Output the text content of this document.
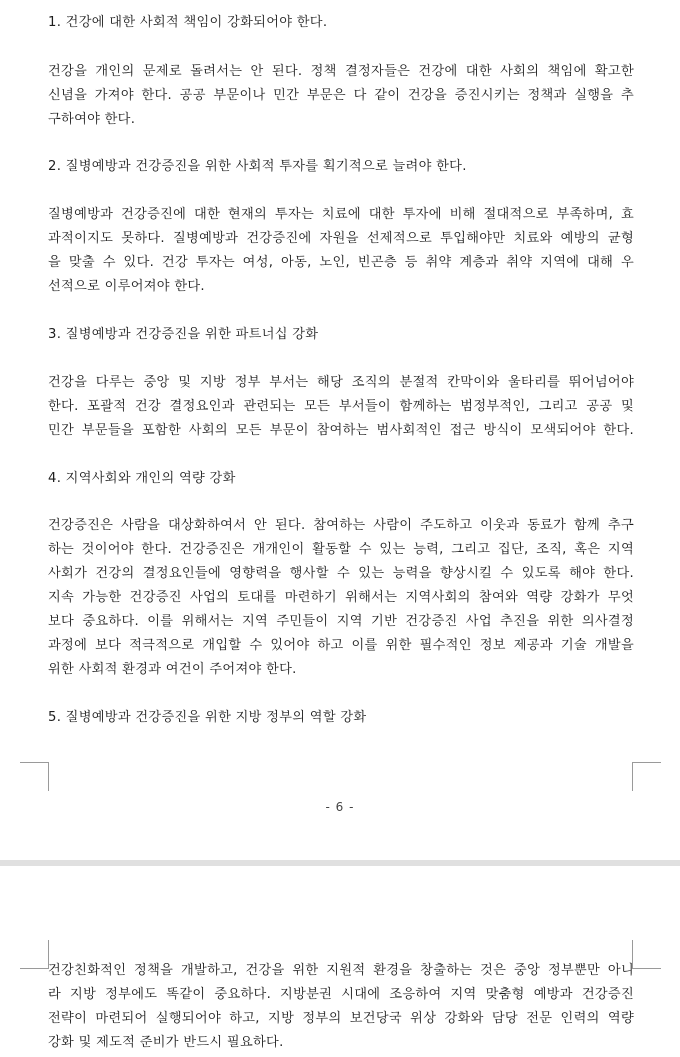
1. 건강에 대한 사회적 책임이 강화되어야 한다.
건강을 개인의 문제로 돌려서는 안 된다. 정책 결정자들은 건강에 대한 사회의 책임에 확고한
신념을 가져야 한다. 공공 부문이나 민간 부문은 다 같이 건강을 증진시키는 정책과 실행을 추
구하여야 한다.
2. 질병예방과 건강증진을 위한 사회적 투자를 획기적으로 늘려야 한다.
질병예방과 건강증진에 대한 현재의 투자는 치료에 대한 투자에 비해 절대적으로 부족하며, 효
과적이지도 못하다. 질병예방과 건강증진에 자원을 선제적으로 투입해야만 치료와 예방의 균형
을 맞출 수 있다. 건강 투자는 여성, 아동, 노인, 빈곤층 등 취약 계층과 취약 지역에 대해 우
선적으로 이루어져야 한다.
3. 질병예방과 건강증진을 위한 파트너십 강화
건강을 다루는 중앙 및 지방 정부 부서는 해당 조직의 분절적 칸막이와 울타리를 뛰어넘어야
한다. 포괄적 건강 결정요인과 관련되는 모든 부서들이 함께하는 범정부적인, 그리고 공공 및
민간 부문들을 포함한 사회의 모든 부문이 참여하는 범사회적인 접근 방식이 모색되어야 한다.
4. 지역사회와 개인의 역량 강화
건강증진은 사람을 대상화하여서 안 된다. 참여하는 사람이 주도하고 이웃과 동료가 함께 추구
하는 것이어야 한다. 건강증진은 개개인이 활동할 수 있는 능력, 그리고 집단, 조직, 혹은 지역
사회가 건강의 결정요인들에 영향력을 행사할 수 있는 능력을 향상시킬 수 있도록 해야 한다.
지속 가능한 건강증진 사업의 토대를 마련하기 위해서는 지역사회의 참여와 역량 강화가 무엇
보다 중요하다. 이를 위해서는 지역 주민들이 지역 기반 건강증진 사업 추진을 위한 의사결정
과정에 보다 적극적으로 개입할 수 있어야 하고 이를 위한 필수적인 정보 제공과 기술 개발을
위한 사회적 환경과 여건이 주어져야 한다.
5. 질병예방과 건강증진을 위한 지방 정부의 역할 강화
- 6 -
건강친화적인 정책을 개발하고, 건강을 위한 지원적 환경을 창출하는 것은 중앙 정부뿐만 아니
라 지방 정부에도 똑같이 중요하다. 지방분권 시대에 조응하여 지역 맞춤형 예방과 건강증진
전략이 마련되어 실행되어야 하고, 지방 정부의 보건당국 위상 강화와 담당 전문 인력의 역량
강화 및 제도적 준비가 반드시 필요하다.
